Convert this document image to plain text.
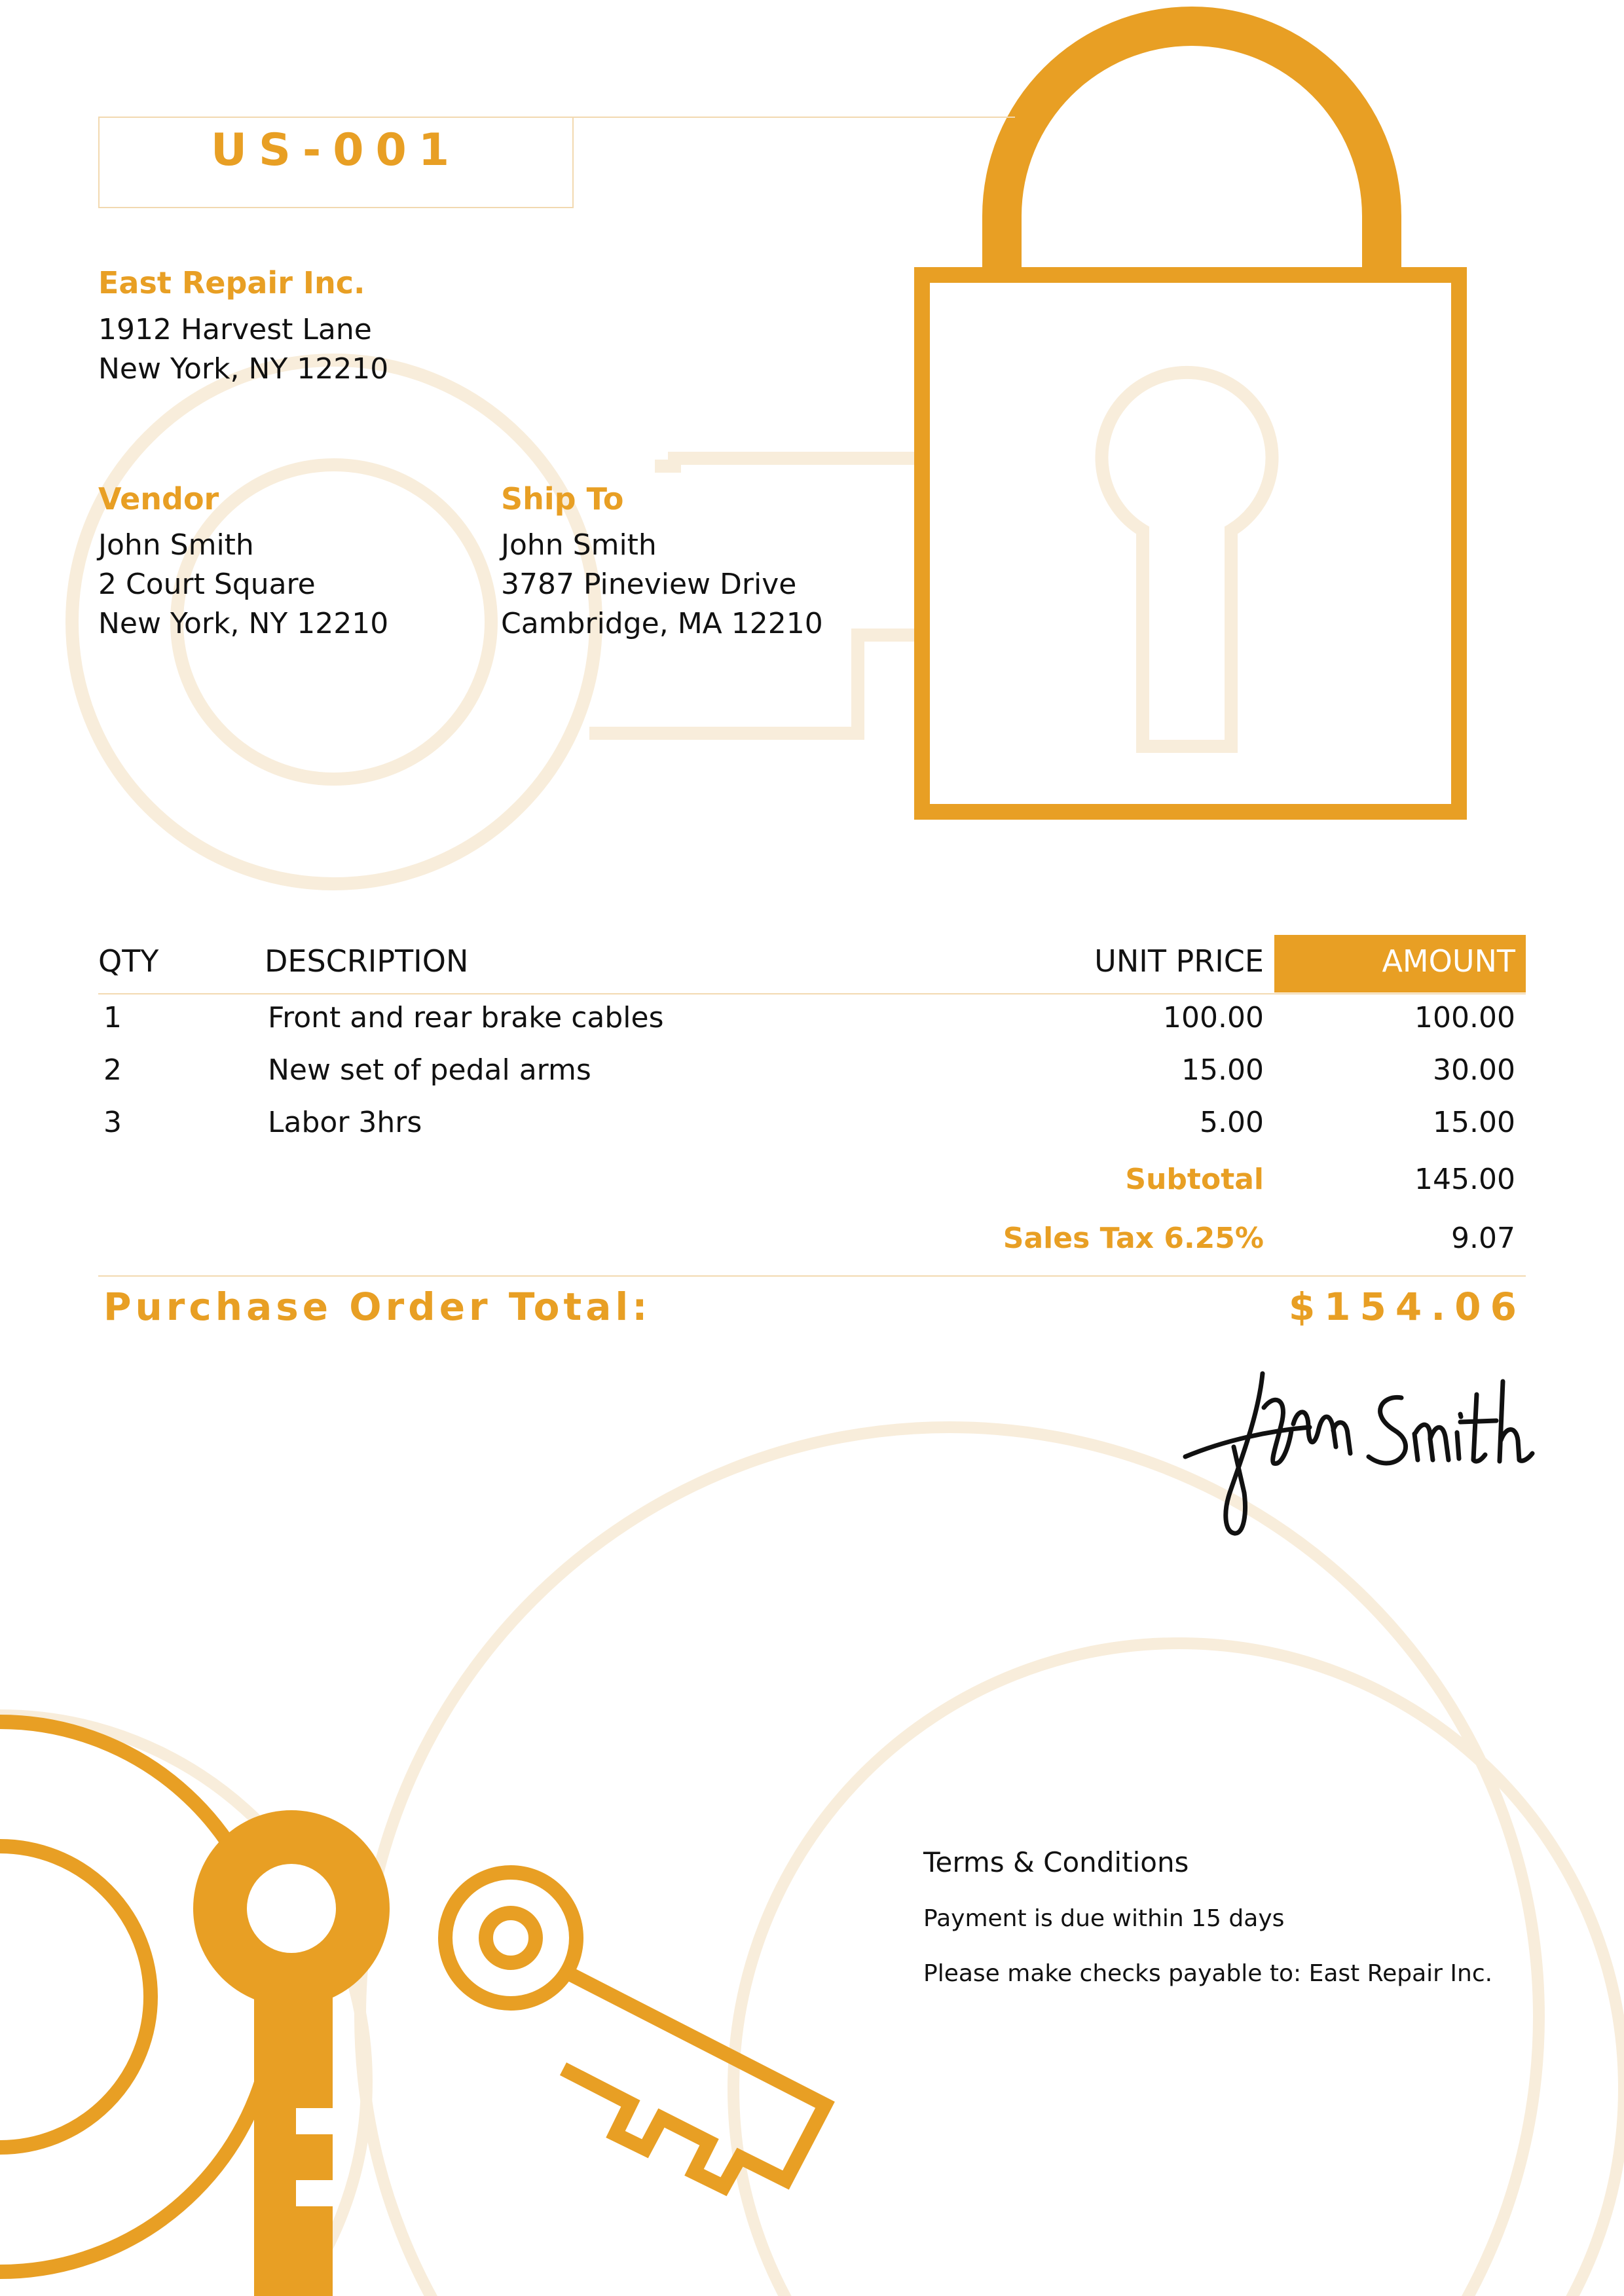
US-001
East Repair Inc.
1912 Harvest Lane
New York, NY 12210
Vendor
John Smith
2 Court Square
New York, NY 12210
Ship To
John Smith
3787 Pineview Drive
Cambridge, MA 12210
QTY	DESCRIPTION	UNIT PRICE	AMOUNT
1	Front and rear brake cables	100.00	100.00
2	New set of pedal arms	15.00	30.00
3	Labor 3hrs	5.00	15.00
Subtotal	145.00
Sales Tax 6.25%	9.07
Purchase Order Total:	$154.06
Terms & Conditions
Payment is due within 15 days
Please make checks payable to: East Repair Inc.
